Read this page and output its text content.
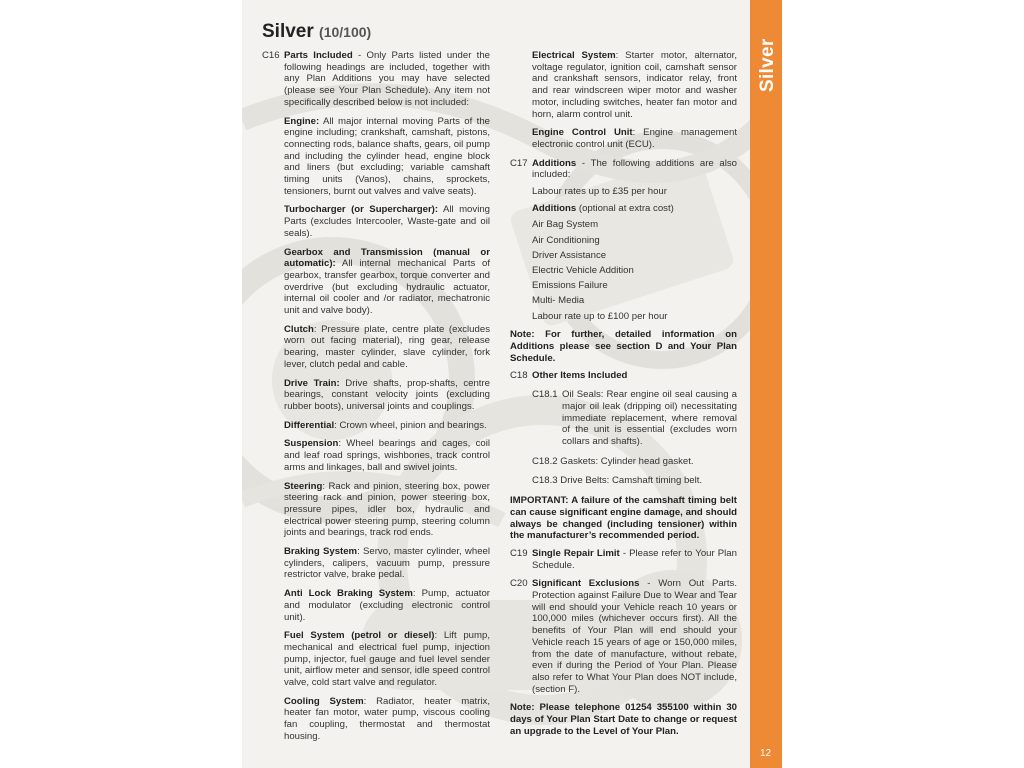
Silver
12
Silver (10/100)
C16 Parts Included - Only Parts listed under the following headings are included, together with any Plan Additions you may have selected (please see Your Plan Schedule). Any item not specifically described below is not included:
Engine: All major internal moving Parts of the engine including; crankshaft, camshaft, pistons, connecting rods, balance shafts, gears, oil pump and including the cylinder head, engine block and liners (but excluding; variable camshaft timing units (Vanos), chains, sprockets, tensioners, burnt out valves and valve seats).
Turbocharger (or Supercharger): All moving Parts (excludes Intercooler, Waste-gate and oil seals).
Gearbox and Transmission (manual or automatic): All internal mechanical Parts of gearbox, transfer gearbox, torque converter and overdrive (but excluding hydraulic actuator, internal oil cooler and /or radiator, mechatronic unit and valve body).
Clutch: Pressure plate, centre plate (excludes worn out facing material), ring gear, release bearing, master cylinder, slave cylinder, fork lever, clutch pedal and cable.
Drive Train: Drive shafts, prop-shafts, centre bearings, constant velocity joints (excluding rubber boots), universal joints and couplings.
Differential: Crown wheel, pinion and bearings.
Suspension: Wheel bearings and cages, coil and leaf road springs, wishbones, track control arms and linkages, ball and swivel joints.
Steering: Rack and pinion, steering box, power steering rack and pinion, power steering box, pressure pipes, idler box, hydraulic and electrical power steering pump, steering column joints and bearings, track rod ends.
Braking System: Servo, master cylinder, wheel cylinders, calipers, vacuum pump, pressure restrictor valve, brake pedal.
Anti Lock Braking System: Pump, actuator and modulator (excluding electronic control unit).
Fuel System (petrol or diesel): Lift pump, mechanical and electrical fuel pump, injection pump, injector, fuel gauge and fuel level sender unit, airflow meter and sensor, idle speed control valve, cold start valve and regulator.
Cooling System: Radiator, heater matrix, heater fan motor, water pump, viscous cooling fan coupling, thermostat and thermostat housing.
Electrical System: Starter motor, alternator, voltage regulator, ignition coil, camshaft sensor and crankshaft sensors, indicator relay, front and rear windscreen wiper motor and washer motor, including switches, heater fan motor and horn, alarm control unit.
Engine Control Unit: Engine management electronic control unit (ECU).
C17 Additions - The following additions are also included:
Labour rates up to £35 per hour
Additions (optional at extra cost)
Air Bag System
Air Conditioning
Driver Assistance
Electric Vehicle Addition
Emissions Failure
Multi- Media
Labour rate up to £100 per hour
Note: For further, detailed information on Additions please see section D and Your Plan Schedule.
C18 Other Items Included
C18.1 Oil Seals: Rear engine oil seal causing a major oil leak (dripping oil) necessitating immediate replacement, where removal of the unit is essential (excludes worn collars and shafts).
C18.2 Gaskets: Cylinder head gasket.
C18.3 Drive Belts: Camshaft timing belt.
IMPORTANT: A failure of the camshaft timing belt can cause significant engine damage, and should always be changed (including tensioner) within the manufacturer’s recommended period.
C19 Single Repair Limit - Please refer to Your Plan Schedule.
C20 Significant Exclusions - Worn Out Parts. Protection against Failure Due to Wear and Tear will end should your Vehicle reach 10 years or 100,000 miles (whichever occurs first). All the benefits of Your Plan will end should your Vehicle reach 15 years of age or 150,000 miles, from the date of manufacture, without rebate, even if during the Period of Your Plan. Please also refer to What Your Plan does NOT include, (section F).
Note: Please telephone 01254 355100 within 30 days of Your Plan Start Date to change or request an upgrade to the Level of Your Plan.
